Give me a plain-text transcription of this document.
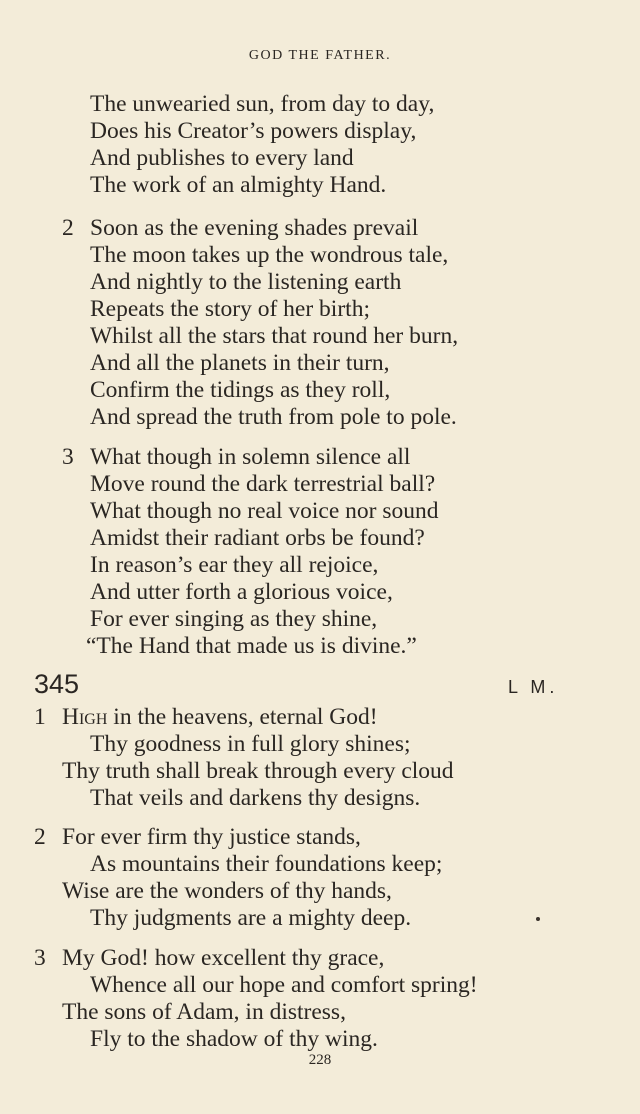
GOD THE FATHER.
The unwearied sun, from day to day,
Does his Creator’s powers display,
And publishes to every land
The work of an almighty Hand.
2 Soon as the evening shades prevail
The moon takes up the wondrous tale,
And nightly to the listening earth
Repeats the story of her birth;
Whilst all the stars that round her burn,
And all the planets in their turn,
Confirm the tidings as they roll,
And spread the truth from pole to pole.
3 What though in solemn silence all
Move round the dark terrestrial ball?
What though no real voice nor sound
Amidst their radiant orbs be found?
In reason’s ear they all rejoice,
And utter forth a glorious voice,
For ever singing as they shine,
“The Hand that made us is divine.”
345	L M.
1 High in the heavens, eternal God!
Thy goodness in full glory shines;
Thy truth shall break through every cloud
That veils and darkens thy designs.
2 For ever firm thy justice stands,
As mountains their foundations keep;
Wise are the wonders of thy hands,
Thy judgments are a mighty deep.
3 My God! how excellent thy grace,
Whence all our hope and comfort spring!
The sons of Adam, in distress,
Fly to the shadow of thy wing.
228
